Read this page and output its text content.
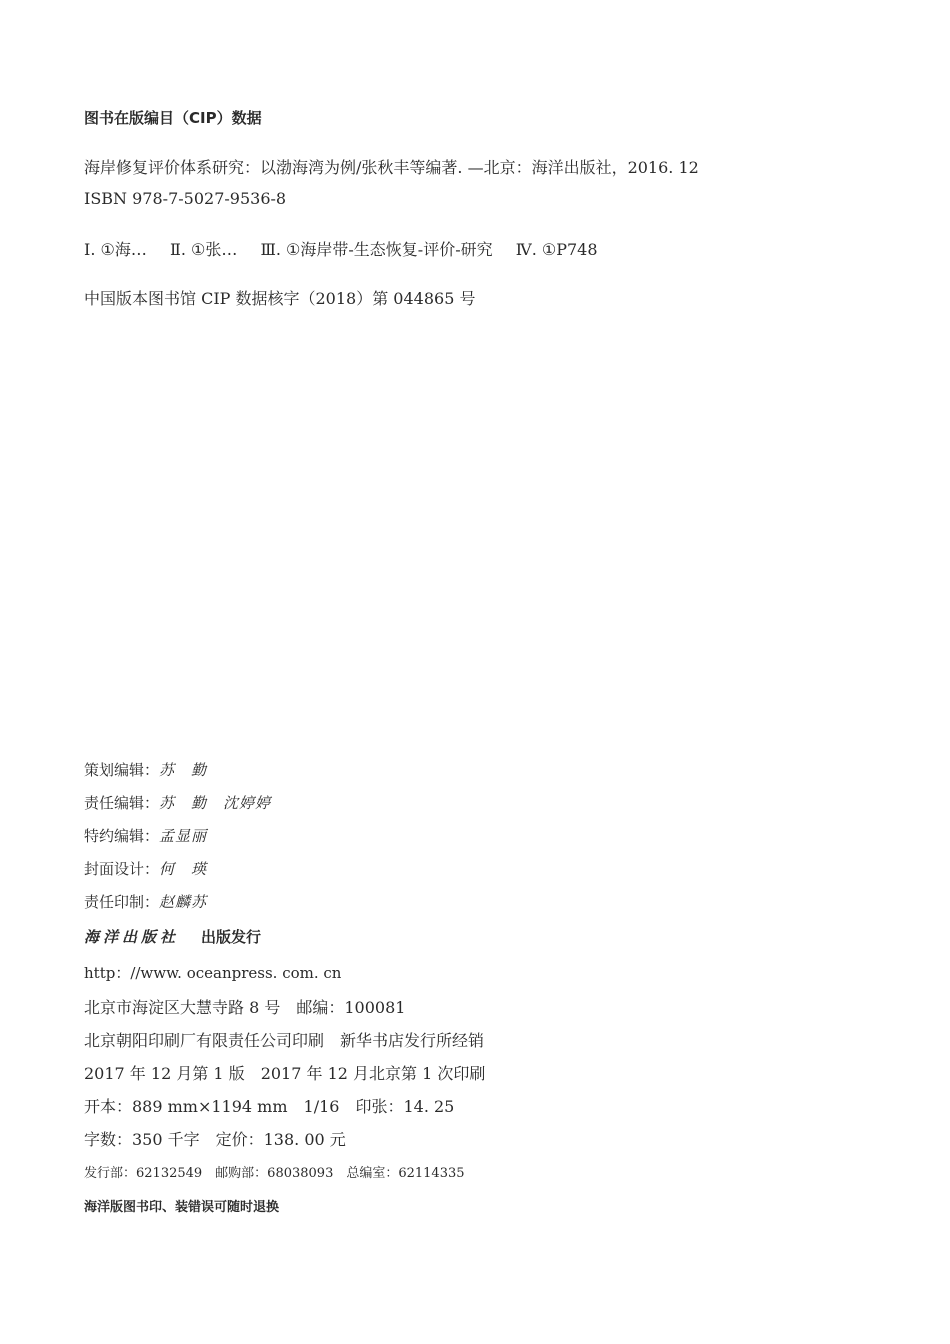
图书在版编目（CIP）数据
海岸修复评价体系研究：以渤海湾为例/张秋丰等编著. —北京：海洋出版社，2016. 12
ISBN 978-7-5027-9536-8
Ⅰ. ①海… Ⅱ. ①张… Ⅲ. ①海岸带-生态恢复-评价-研究 Ⅳ. ①P748
中国版本图书馆 CIP 数据核字（2018）第 044865 号
策划编辑：苏　勤
责任编辑：苏　勤　沈婷婷
特约编辑：孟显丽
封面设计：何　瑛
责任印制：赵麟苏
海洋出版社 出版发行
http：//www. oceanpress. com. cn
北京市海淀区大慧寺路 8 号　邮编：100081
北京朝阳印刷厂有限责任公司印刷　新华书店发行所经销
2017 年 12 月第 1 版　2017 年 12 月北京第 1 次印刷
开本：889 mm×1194 mm　1/16　印张：14. 25
字数：350 千字　定价：138. 00 元
发行部：62132549　邮购部：68038093　总编室：62114335
海洋版图书印、装错误可随时退换
